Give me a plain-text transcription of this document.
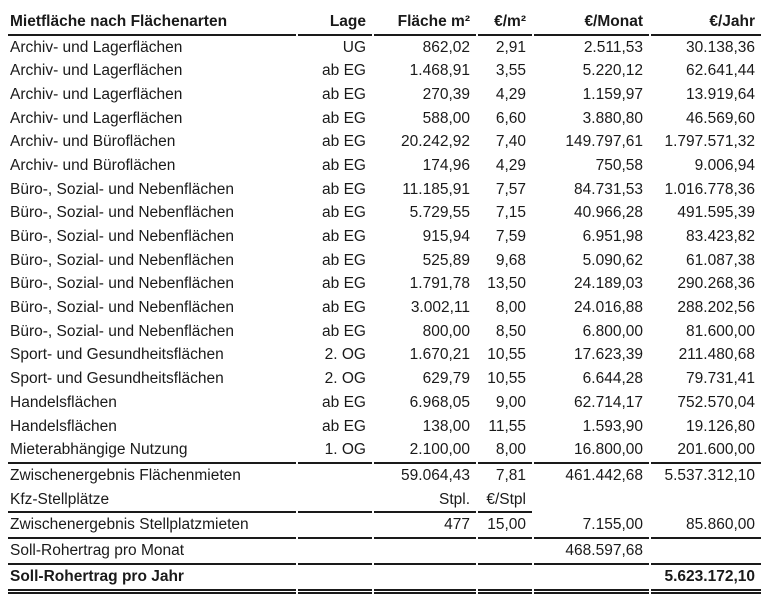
Mietfläche nach Flächenarten	Lage	Fläche m²	€/m²	€/Monat	€/Jahr
Archiv- und Lagerflächen	UG	862,02	2,91	2.511,53	30.138,36
Archiv- und Lagerflächen	ab EG	1.468,91	3,55	5.220,12	62.641,44
Archiv- und Lagerflächen	ab EG	270,39	4,29	1.159,97	13.919,64
Archiv- und Lagerflächen	ab EG	588,00	6,60	3.880,80	46.569,60
Archiv- und Büroflächen	ab EG	20.242,92	7,40	149.797,61	1.797.571,32
Archiv- und Büroflächen	ab EG	174,96	4,29	750,58	9.006,94
Büro-, Sozial- und Nebenflächen	ab EG	11.185,91	7,57	84.731,53	1.016.778,36
Büro-, Sozial- und Nebenflächen	ab EG	5.729,55	7,15	40.966,28	491.595,39
Büro-, Sozial- und Nebenflächen	ab EG	915,94	7,59	6.951,98	83.423,82
Büro-, Sozial- und Nebenflächen	ab EG	525,89	9,68	5.090,62	61.087,38
Büro-, Sozial- und Nebenflächen	ab EG	1.791,78	13,50	24.189,03	290.268,36
Büro-, Sozial- und Nebenflächen	ab EG	3.002,11	8,00	24.016,88	288.202,56
Büro-, Sozial- und Nebenflächen	ab EG	800,00	8,50	6.800,00	81.600,00
Sport- und Gesundheitsflächen	2. OG	1.670,21	10,55	17.623,39	211.480,68
Sport- und Gesundheitsflächen	2. OG	629,79	10,55	6.644,28	79.731,41
Handelsflächen	ab EG	6.968,05	9,00	62.714,17	752.570,04
Handelsflächen	ab EG	138,00	11,55	1.593,90	19.126,80
Mieterabhängige Nutzung	1. OG	2.100,00	8,00	16.800,00	201.600,00
Zwischenergebnis Flächenmieten		59.064,43	7,81	461.442,68	5.537.312,10
Kfz-Stellplätze		Stpl.	€/Stpl		
Zwischenergebnis Stellplatzmieten		477	15,00	7.155,00	85.860,00
Soll-Rohertrag pro Monat				468.597,68	
Soll-Rohertrag pro Jahr					5.623.172,10
